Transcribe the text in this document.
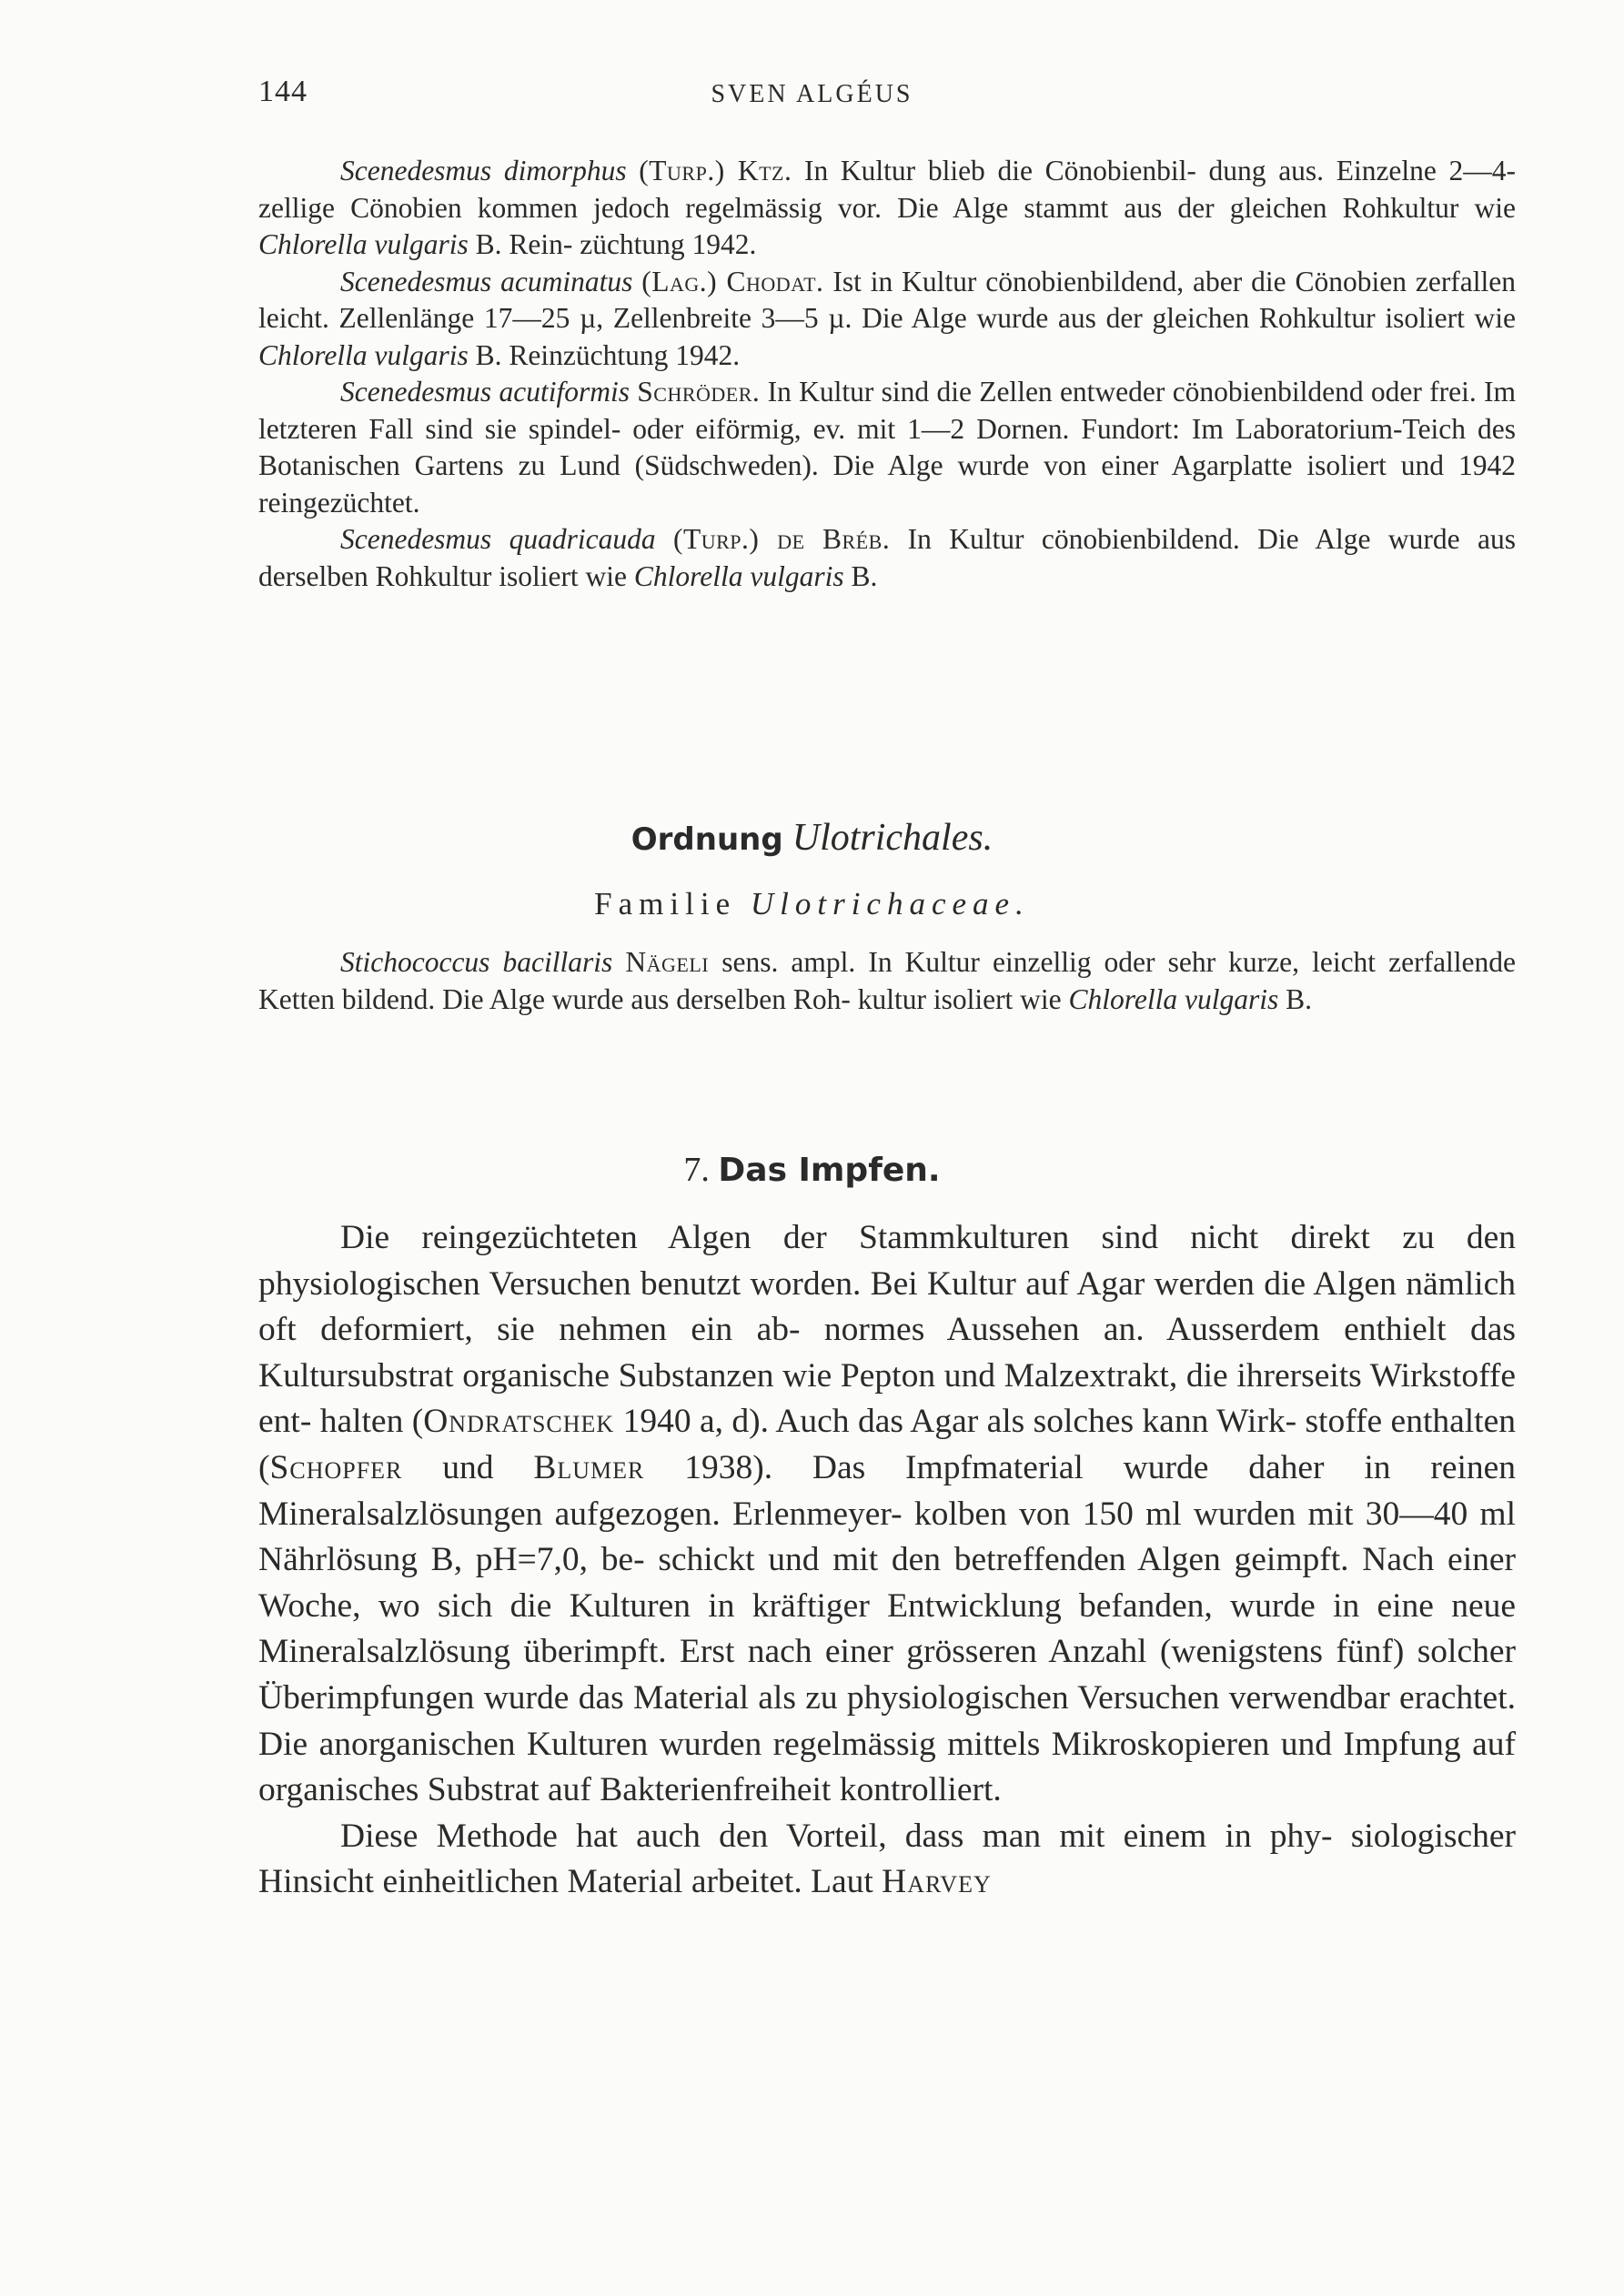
144	SVEN ALGÉUS

Scenedesmus dimorphus (Turp.) Ktz. In Kultur blieb die Cönobienbil- dung aus. Einzelne 2—4-zellige Cönobien kommen jedoch regelmässig vor. Die Alge stammt aus der gleichen Rohkultur wie Chlorella vulgaris B. Rein- züchtung 1942.

Scenedesmus acuminatus (Lag.) Chodat. Ist in Kultur cönobienbildend, aber die Cönobien zerfallen leicht. Zellenlänge 17—25 µ, Zellenbreite 3—5 µ. Die Alge wurde aus der gleichen Rohkultur isoliert wie Chlorella vulgaris B. Reinzüchtung 1942.

Scenedesmus acutiformis Schröder. In Kultur sind die Zellen entweder cönobienbildend oder frei. Im letzteren Fall sind sie spindel- oder eiförmig, ev. mit 1—2 Dornen. Fundort: Im Laboratorium-Teich des Botanischen Gartens zu Lund (Südschweden). Die Alge wurde von einer Agarplatte isoliert und 1942 reingezüchtet.

Scenedesmus quadricauda (Turp.) de Bréb. In Kultur cönobienbildend. Die Alge wurde aus derselben Rohkultur isoliert wie Chlorella vulgaris B.

Ordnung Ulotrichales.
Familie Ulotrichaceae.

Stichococcus bacillaris Nägeli sens. ampl. In Kultur einzellig oder sehr kurze, leicht zerfallende Ketten bildend. Die Alge wurde aus derselben Roh- kultur isoliert wie Chlorella vulgaris B.

7. Das Impfen.

Die reingezüchteten Algen der Stammkulturen sind nicht direkt zu den physiologischen Versuchen benutzt worden. Bei Kultur auf Agar werden die Algen nämlich oft deformiert, sie nehmen ein ab- normes Aussehen an. Ausserdem enthielt das Kultursubstrat organische Substanzen wie Pepton und Malzextrakt, die ihrerseits Wirkstoffe ent- halten (Ondratschek 1940 a, d). Auch das Agar als solches kann Wirk- stoffe enthalten (Schopfer und Blumer 1938). Das Impfmaterial wurde daher in reinen Mineralsalzlösungen aufgezogen. Erlenmeyer- kolben von 150 ml wurden mit 30—40 ml Nährlösung B, pH=7,0, be- schickt und mit den betreffenden Algen geimpft. Nach einer Woche, wo sich die Kulturen in kräftiger Entwicklung befanden, wurde in eine neue Mineralsalzlösung überimpft. Erst nach einer grösseren Anzahl (wenigstens fünf) solcher Überimpfungen wurde das Material als zu physiologischen Versuchen verwendbar erachtet. Die anorganischen Kulturen wurden regelmässig mittels Mikroskopieren und Impfung auf organisches Substrat auf Bakterienfreiheit kontrolliert.

Diese Methode hat auch den Vorteil, dass man mit einem in phy- siologischer Hinsicht einheitlichen Material arbeitet. Laut Harvey
